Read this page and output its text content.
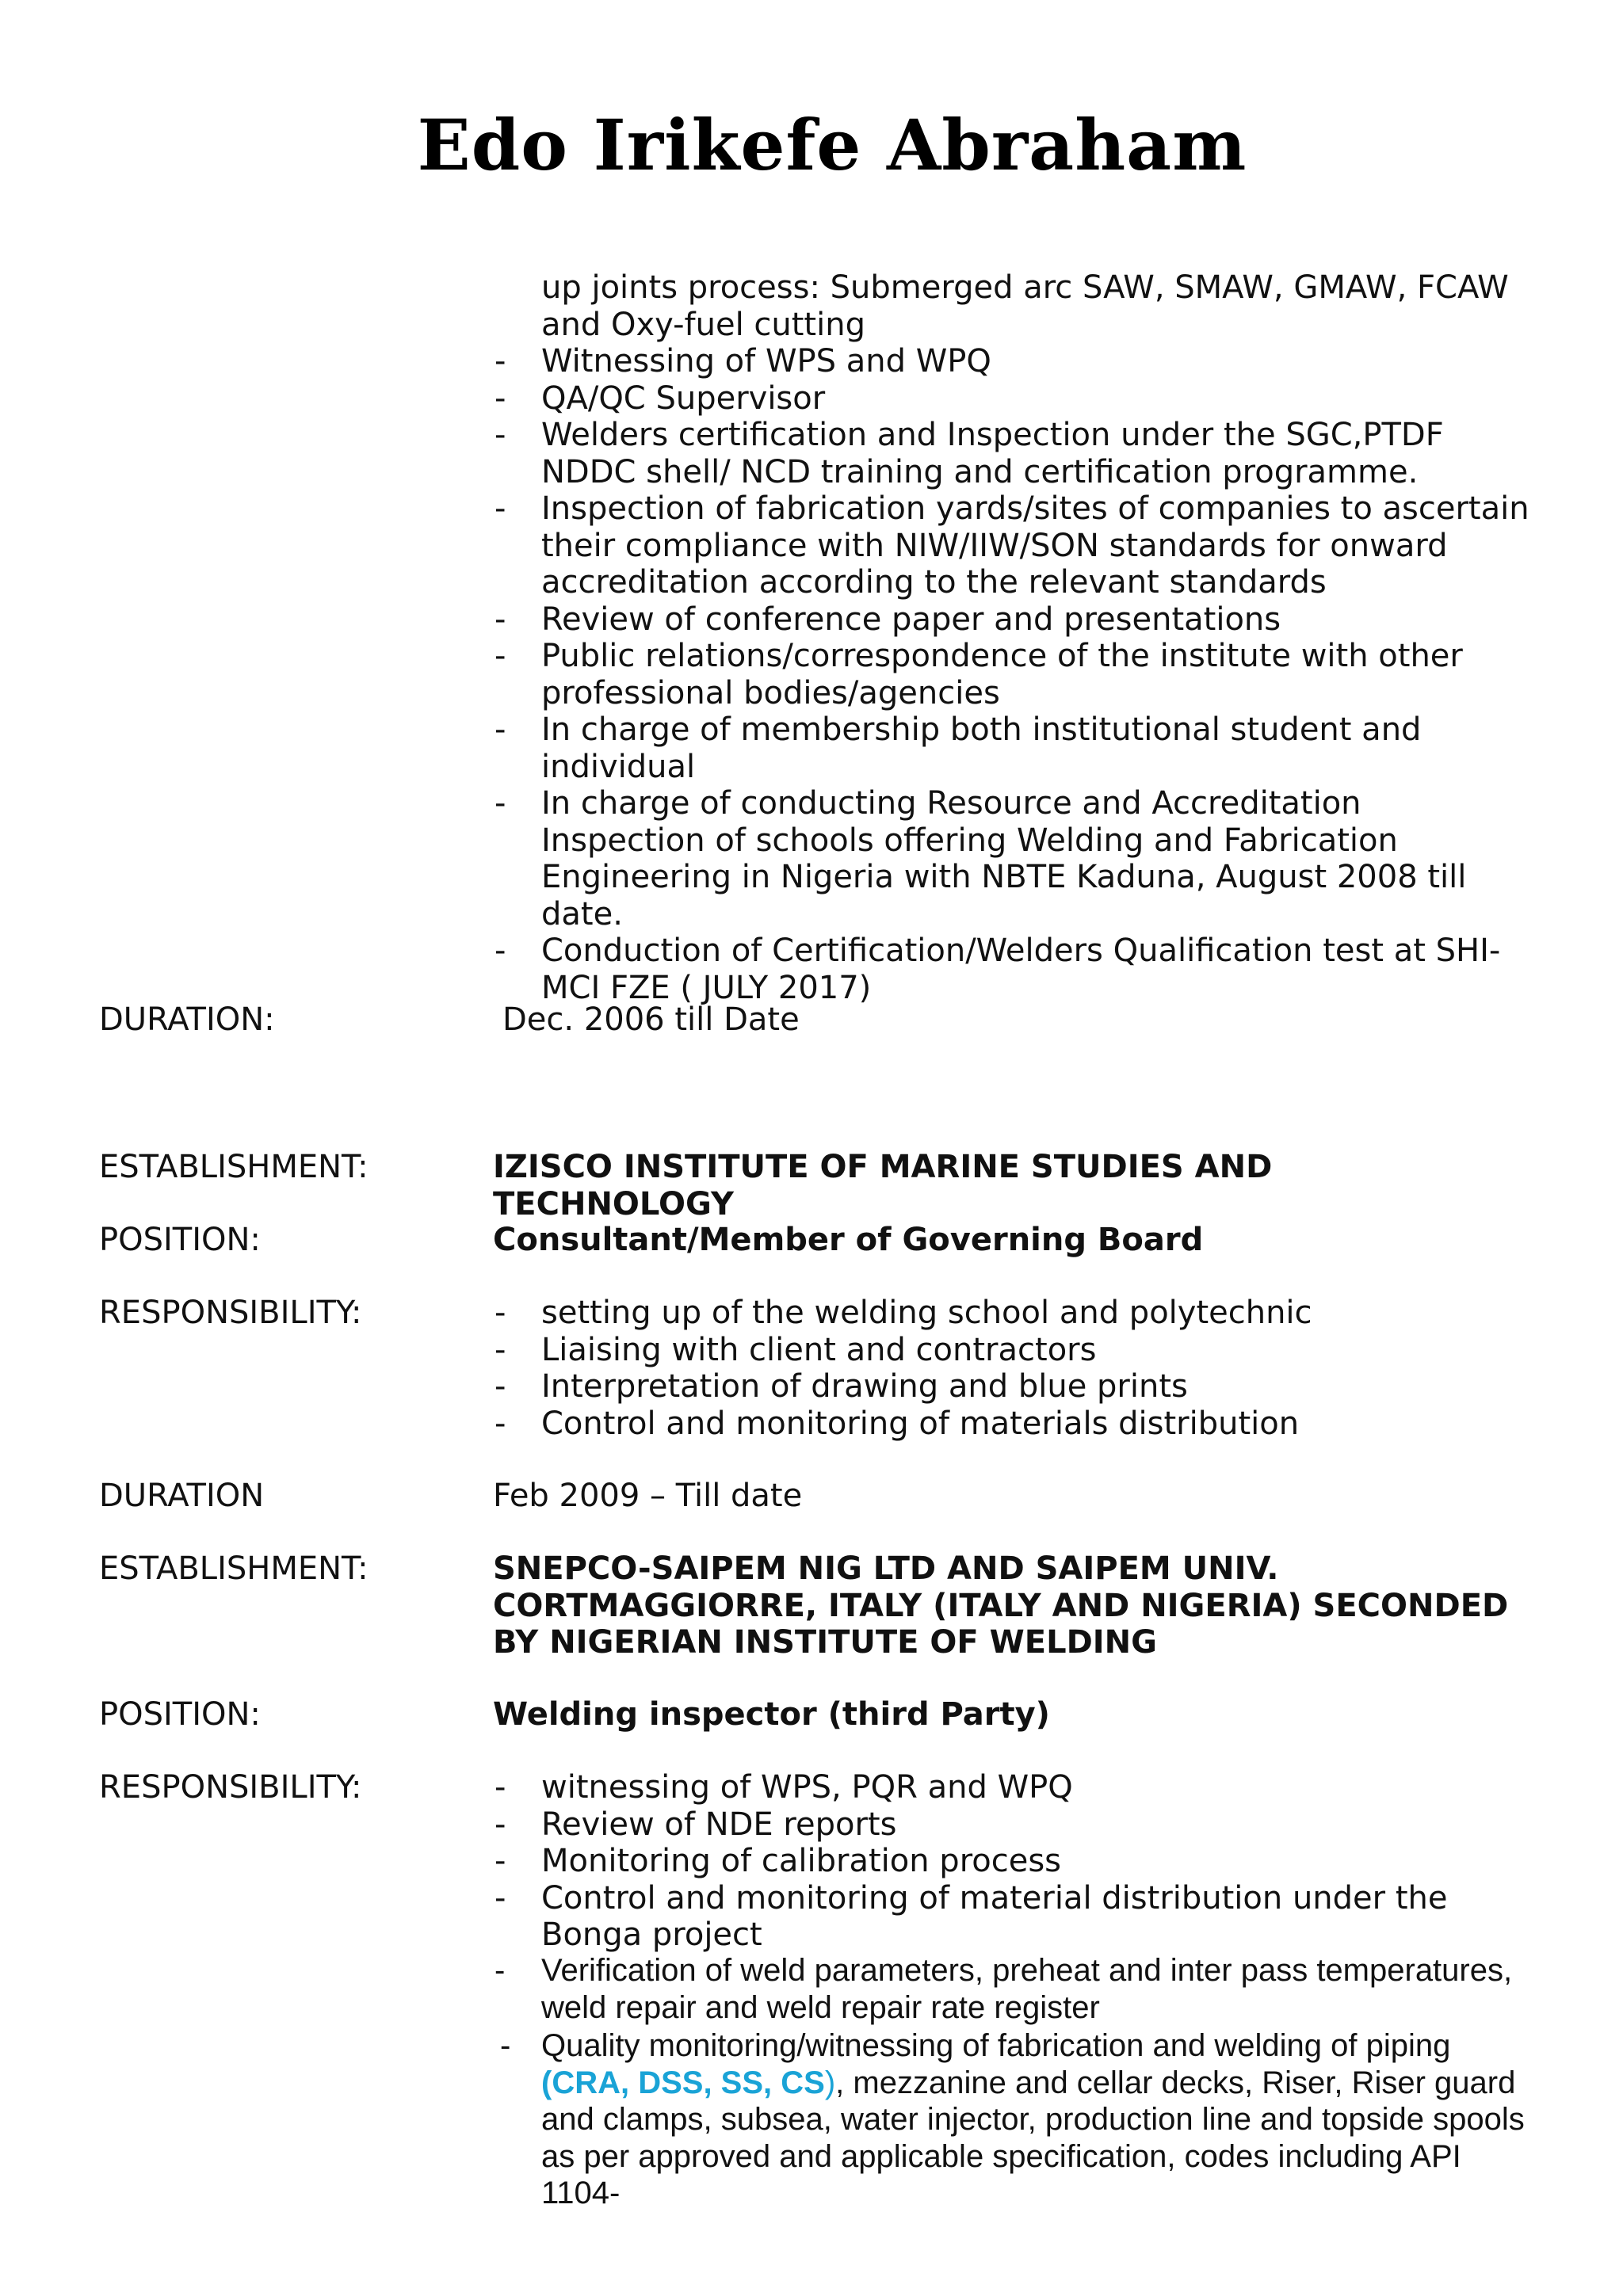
Edo Irikefe Abraham

up joints process: Submerged arc SAW, SMAW, GMAW, FCAW and Oxy-fuel cutting

- Witnessing of WPS and WPQ
- QA/QC Supervisor
- Welders certification and Inspection under the SGC,PTDF NDDC shell/ NCD training and certification programme.
- Inspection of fabrication yards/sites of companies to ascertain their compliance with NIW/IIW/SON standards for onward accreditation according to the relevant standards
- Review of conference paper and presentations
- Public relations/correspondence of the institute with other professional bodies/agencies
- In charge of membership both institutional student and individual
- In charge of conducting Resource and Accreditation Inspection of schools offering Welding and Fabrication Engineering in Nigeria with NBTE Kaduna, August 2008 till date.
- Conduction of Certification/Welders Qualification test at SHI-MCI FZE ( JULY 2017)

DURATION:	Dec. 2006 till Date

ESTABLISHMENT:	IZISCO INSTITUTE OF MARINE STUDIES AND TECHNOLOGY

POSITION:	Consultant/Member of Governing Board

RESPONSIBILITY:	- setting up of the welding school and polytechnic
- Liaising with client and contractors
- Interpretation of drawing and blue prints
- Control and monitoring of materials distribution

DURATION	Feb 2009 – Till date

ESTABLISHMENT:	SNEPCO-SAIPEM NIG LTD AND SAIPEM UNIV. CORTMAGGIORRE, ITALY (ITALY AND NIGERIA) SECONDED BY NIGERIAN INSTITUTE OF WELDING

POSITION:	Welding inspector (third Party)

RESPONSIBILITY:	- witnessing of WPS, PQR and WPQ
- Review of NDE reports
- Monitoring of calibration process
- Control and monitoring of material distribution under the Bonga project
- Verification of weld parameters, preheat and inter pass temperatures, weld repair and weld repair rate register
- Quality monitoring/witnessing of fabrication and welding of piping (CRA, DSS, SS, CS), mezzanine and cellar decks, Riser, Riser guard and clamps, subsea, water injector, production line and topside spools as per approved and applicable specification, codes including API 1104-
